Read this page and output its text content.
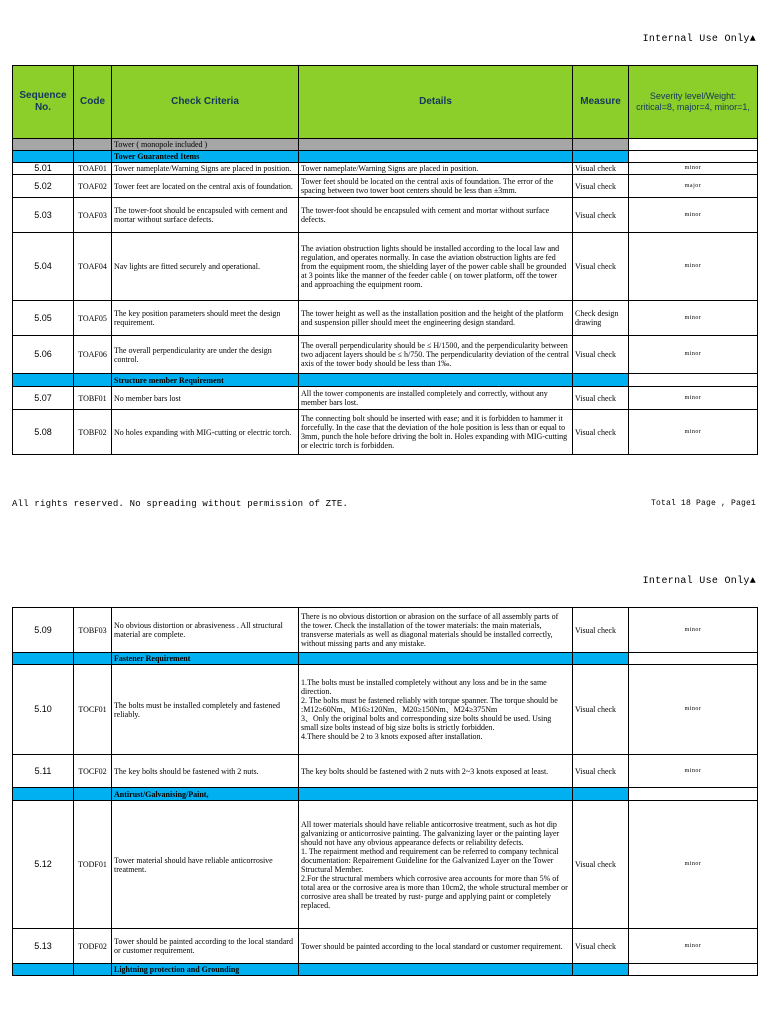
Internal Use Only▲
Sequence No.	Code	Check Criteria	Details	Measure	Severity level/Weight: critical=8, major=4, minor=1,
		Tower ( monopole included )			
		Tower Guaranteed Items			
5.01	TOAF01	Tower nameplate/Warning Signs are placed in position.	Tower nameplate/Warning Signs are placed in position.	Visual check	minor
5.02	TOAF02	Tower feet are located on the central axis of foundation.	Tower feet should be located on the central axis of foundation. The error of the spacing between two tower boot centers should be less than ±3mm.	Visual check	major
5.03	TOAF03	The tower-foot should be encapsuled with cement and mortar without surface defects.	The tower-foot should be encapsuled with cement and mortar without surface defects.	Visual check	minor
5.04	TOAF04	Nav lights are fitted securely and operational.	The aviation obstruction lights should be installed according to the local law and regulation, and operates normally. In case the aviation obstruction lights are fed from the equipment room, the shielding layer of the power cable shall be grounded at 3 points like the manner of the feeder cable ( on tower platform, off the tower and approaching the equipment room.	Visual check	minor
5.05	TOAF05	The key position parameters should meet the design requirement.	The tower height as well as the installation position and the height of the platform and suspension piller should meet the engineering design standard.	Check design drawing	minor
5.06	TOAF06	The overall perpendicularity are under the design control.	The overall perpendicularity should be ≤ H/1500, and the perpendicularity between two adjacent layers should be ≤ h/750. The perpendicularity deviation of the central axis of the tower body should be less than 1‰.	Visual check	minor
		Structure member Requirement			
5.07	TOBF01	No member bars lost	All the tower components are installed completely and correctly, without any member bars lost.	Visual check	minor
5.08	TOBF02	No holes expanding with MIG-cutting or electric torch.	The connecting bolt should be inserted with ease; and it is forbidden to hammer it forcefully. In the case that the deviation of the hole position is less than or equal to 3mm, punch the hole before driving the bolt in. Holes expanding with MIG-cutting or electric torch is forbidden.	Visual check	minor
All rights reserved. No spreading without permission of ZTE.	Total 18 Page , Page1
Internal Use Only▲
5.09	TOBF03	No obvious distortion or abrasiveness . All structural material are complete.	There is no obvious distortion or abrasion on the surface of all assembly parts of the tower. Check the installation of the tower materials: the main materials, transverse materials as well as diagonal materials should be installed correctly, without missing parts and any mistake.	Visual check	minor
		Fastener Requirement			
5.10	TOCF01	The bolts must be installed completely and fastened reliably.	1.The bolts must be installed completely without any loss and be in the same direction.
2. The bolts must be fastened reliably with torque spanner. The torque should be :M12≥60Nm、M16≥120Nm、M20≥150Nm、M24≥375Nm
3、Only the original bolts and corresponding size bolts should be used. Using small size bolts instead of big size bolts is strictly forbidden.
4.There should be 2 to 3 knots exposed after installation.	Visual check	minor
5.11	TOCF02	The key bolts should be fastened with 2 nuts.	The key bolts should be fastened with 2 nuts with 2~3 knots exposed at least.	Visual check	minor
		Antirust/Galvanising/Paint,			
5.12	TODF01	Tower material should have reliable anticorrosive treatment.	All tower materials should have reliable anticorrosive treatment, such as hot dip galvanizing or anticorrosive painting. The galvanizing layer or the painting layer should not have any obvious appearance defects or reliability defects.
1. The repairment method and requirement can be referred to company technical documentation: Repairement Guideline for the Galvanized Layer on the Tower Structural Member.
2.For the structural members which corrosive area accounts for more than 5% of total area or the corrosive area is more than 10cm2, the whole structural member or corrosive area shall be treated by rust- purge and applying paint or completely replaced.	Visual check	minor
5.13	TODF02	Tower should be painted according to the local standard or customer requirement.	Tower should be painted according to the local standard or customer requirement.	Visual check	minor
		Lightning protection and Grounding			
